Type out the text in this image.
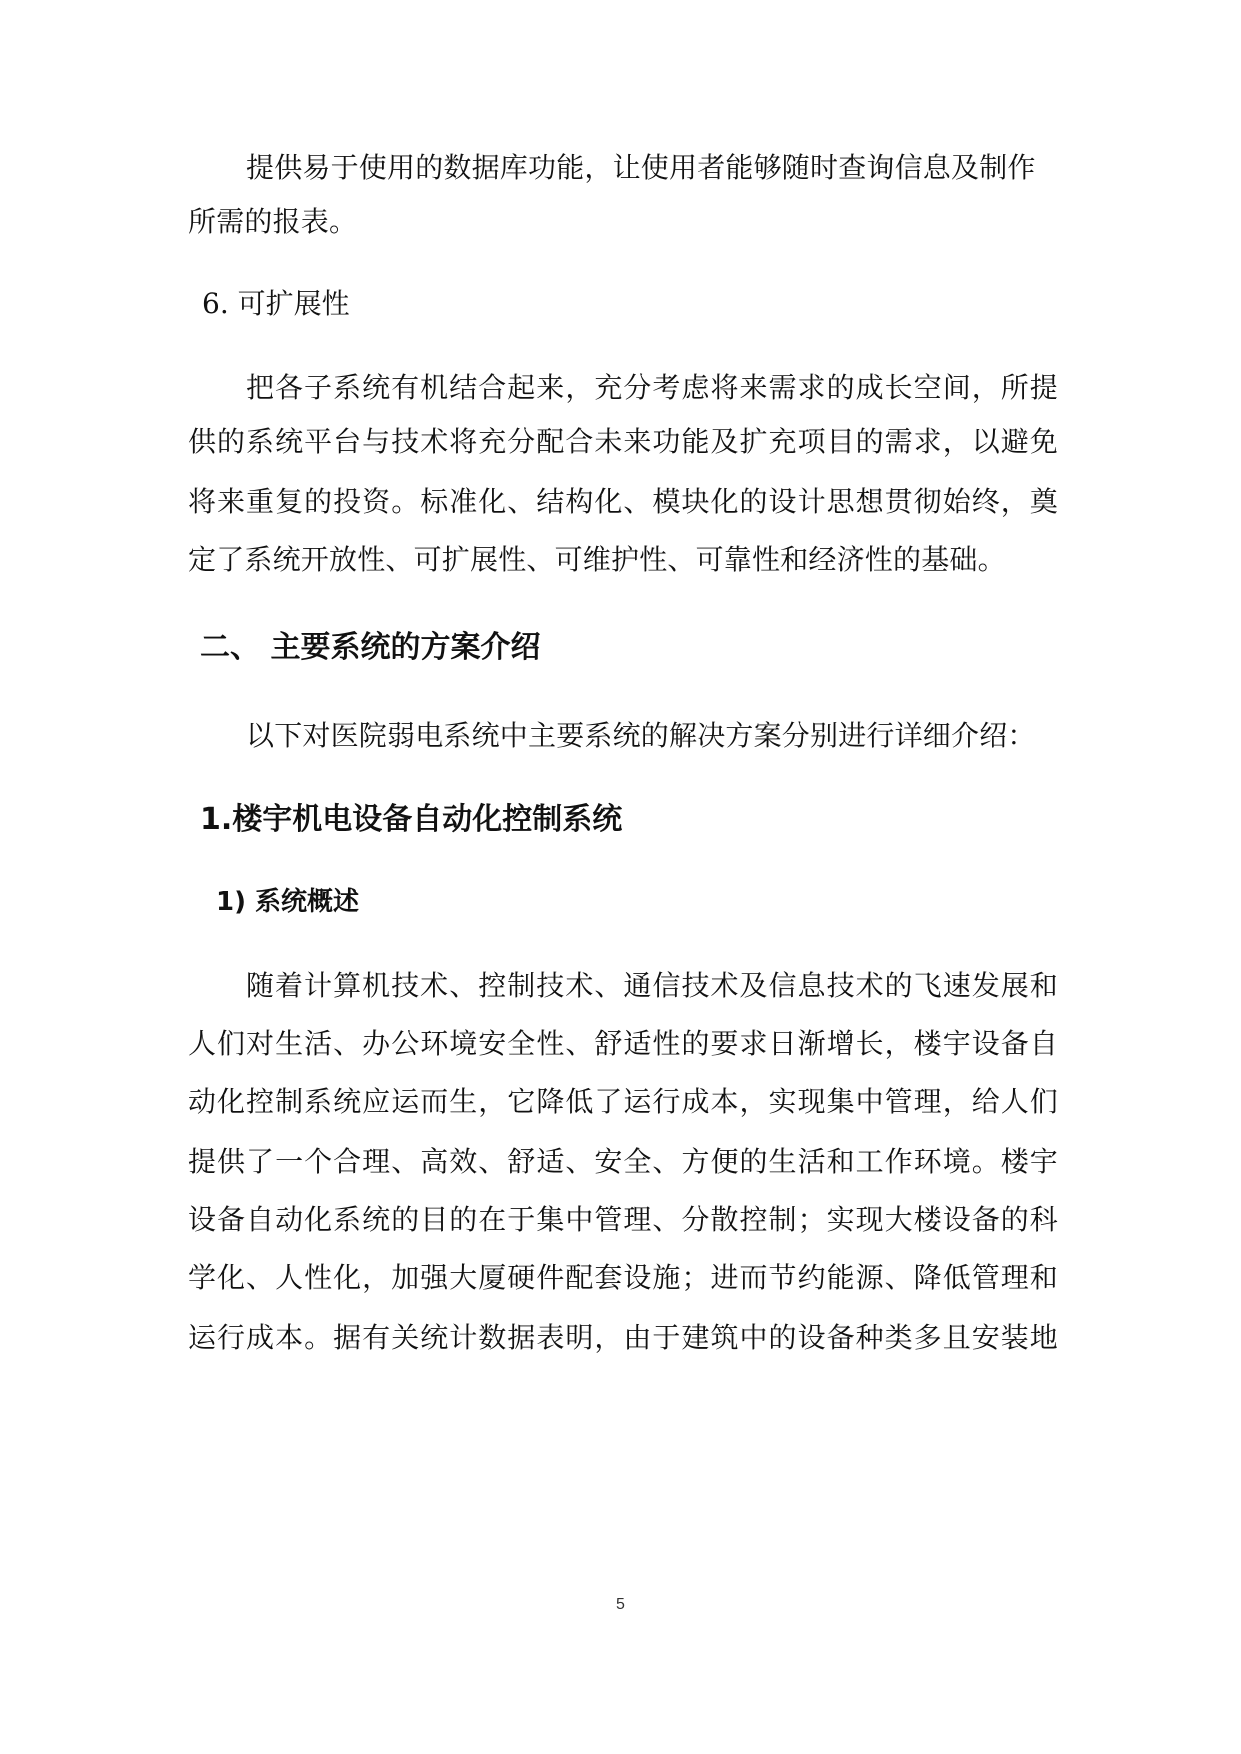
提供易于使用的数据库功能，让使用者能够随时查询信息及制作
所需的报表。
6. 可扩展性
把各子系统有机结合起来，充分考虑将来需求的成长空间，所提
供的系统平台与技术将充分配合未来功能及扩充项目的需求，以避免
将来重复的投资。标准化、结构化、模块化的设计思想贯彻始终，奠
定了系统开放性、可扩展性、可维护性、可靠性和经济性的基础。
二、 主要系统的方案介绍
以下对医院弱电系统中主要系统的解决方案分别进行详细介绍：
1.楼宇机电设备自动化控制系统
1) 系统概述
随着计算机技术、控制技术、通信技术及信息技术的飞速发展和
人们对生活、办公环境安全性、舒适性的要求日渐增长，楼宇设备自
动化控制系统应运而生，它降低了运行成本，实现集中管理，给人们
提供了一个合理、高效、舒适、安全、方便的生活和工作环境。楼宇
设备自动化系统的目的在于集中管理、分散控制；实现大楼设备的科
学化、人性化，加强大厦硬件配套设施；进而节约能源、降低管理和
运行成本。据有关统计数据表明，由于建筑中的设备种类多且安装地
5
